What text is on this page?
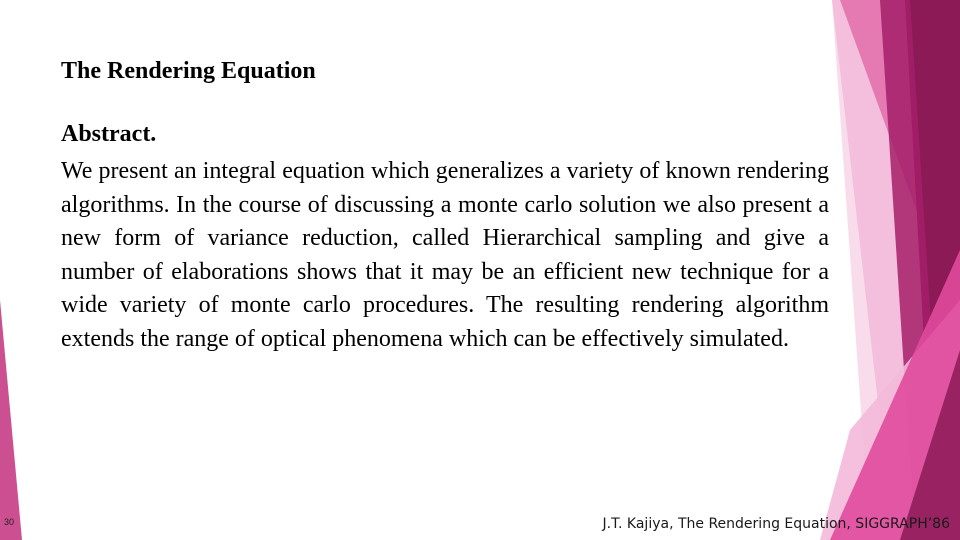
The Rendering Equation
Abstract.

We present an integral equation which generalizes a variety of known rendering algorithms. In the course of discussing a monte carlo solution we also present a new form of variance reduction, called Hierarchical sampling and give a number of elaborations shows that it may be an efficient new technique for a wide variety of monte carlo procedures. The resulting rendering algorithm extends the range of optical phenomena which can be effectively simulated.

30	J.T. Kajiya, The Rendering Equation, SIGGRAPH’86
